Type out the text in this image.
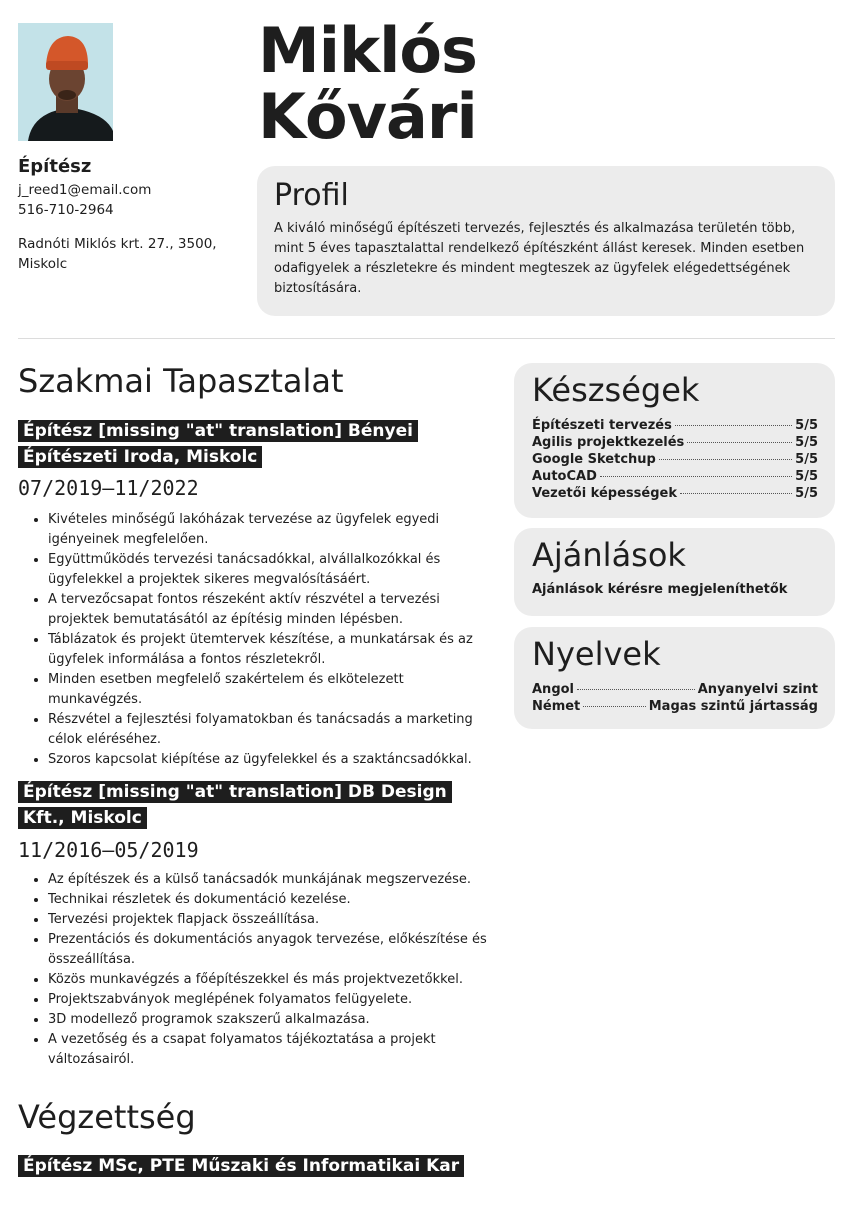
Építész
j_reed1@email.com
516-710-2964
Radnóti Miklós krt. 27., 3500, Miskolc
Miklós
Kővári
Profil

A kiváló minőségű építészeti tervezés, fejlesztés és alkalmazása területén több, mint 5 éves tapasztalattal rendelkező építészként állást keresek. Minden esetben odafigyelek a részletekre és mindent megteszek az ügyfelek elégedettségének biztosítására.

Szakmai Tapasztalat
Építész [missing "at" translation] Bényei Építészeti Iroda, Miskolc
07/2019—11/2022
• Kivételes minőségű lakóházak tervezése az ügyfelek egyedi igényeinek megfelelően.
• Együttműködés tervezési tanácsadókkal, alvállalkozókkal és ügyfelekkel a projektek sikeres megvalósításáért.
• A tervezőcsapat fontos részeként aktív részvétel a tervezési projektek bemutatásától az építésig minden lépésben.
• Táblázatok és projekt ütemtervek készítése, a munkatársak és az ügyfelek informálása a fontos részletekről.
• Minden esetben megfelelő szakértelem és elkötelezett munkavégzés.
• Részvétel a fejlesztési folyamatokban és tanácsadás a marketing célok eléréséhez.
• Szoros kapcsolat kiépítése az ügyfelekkel és a szaktáncsadókkal.
Építész [missing "at" translation] DB Design Kft., Miskolc
11/2016—05/2019
• Az építészek és a külső tanácsadók munkájának megszervezése.
• Technikai részletek és dokumentáció kezelése.
• Tervezési projektek flapjack összeállítása.
• Prezentációs és dokumentációs anyagok tervezése, előkészítése és összeállítása.
• Közös munkavégzés a főépítészekkel és más projektvezetőkkel.
• Projektszabványok meglépének folyamatos felügyelete.
• 3D modellező programok szakszerű alkalmazása.
• A vezetőség és a csapat folyamatos tájékoztatása a projekt változásairól.
Végzettség
Építész MSc, PTE Műszaki és Informatikai Kar
Készségek
Építészeti tervezés	5/5
Agilis projektkezelés	5/5
Google Sketchup	5/5
AutoCAD	5/5
Vezetői képességek	5/5
Ajánlások
Ajánlások kérésre megjeleníthetők
Nyelvek
Angol	Anyanyelvi szint
Német	Magas szintű jártasság
